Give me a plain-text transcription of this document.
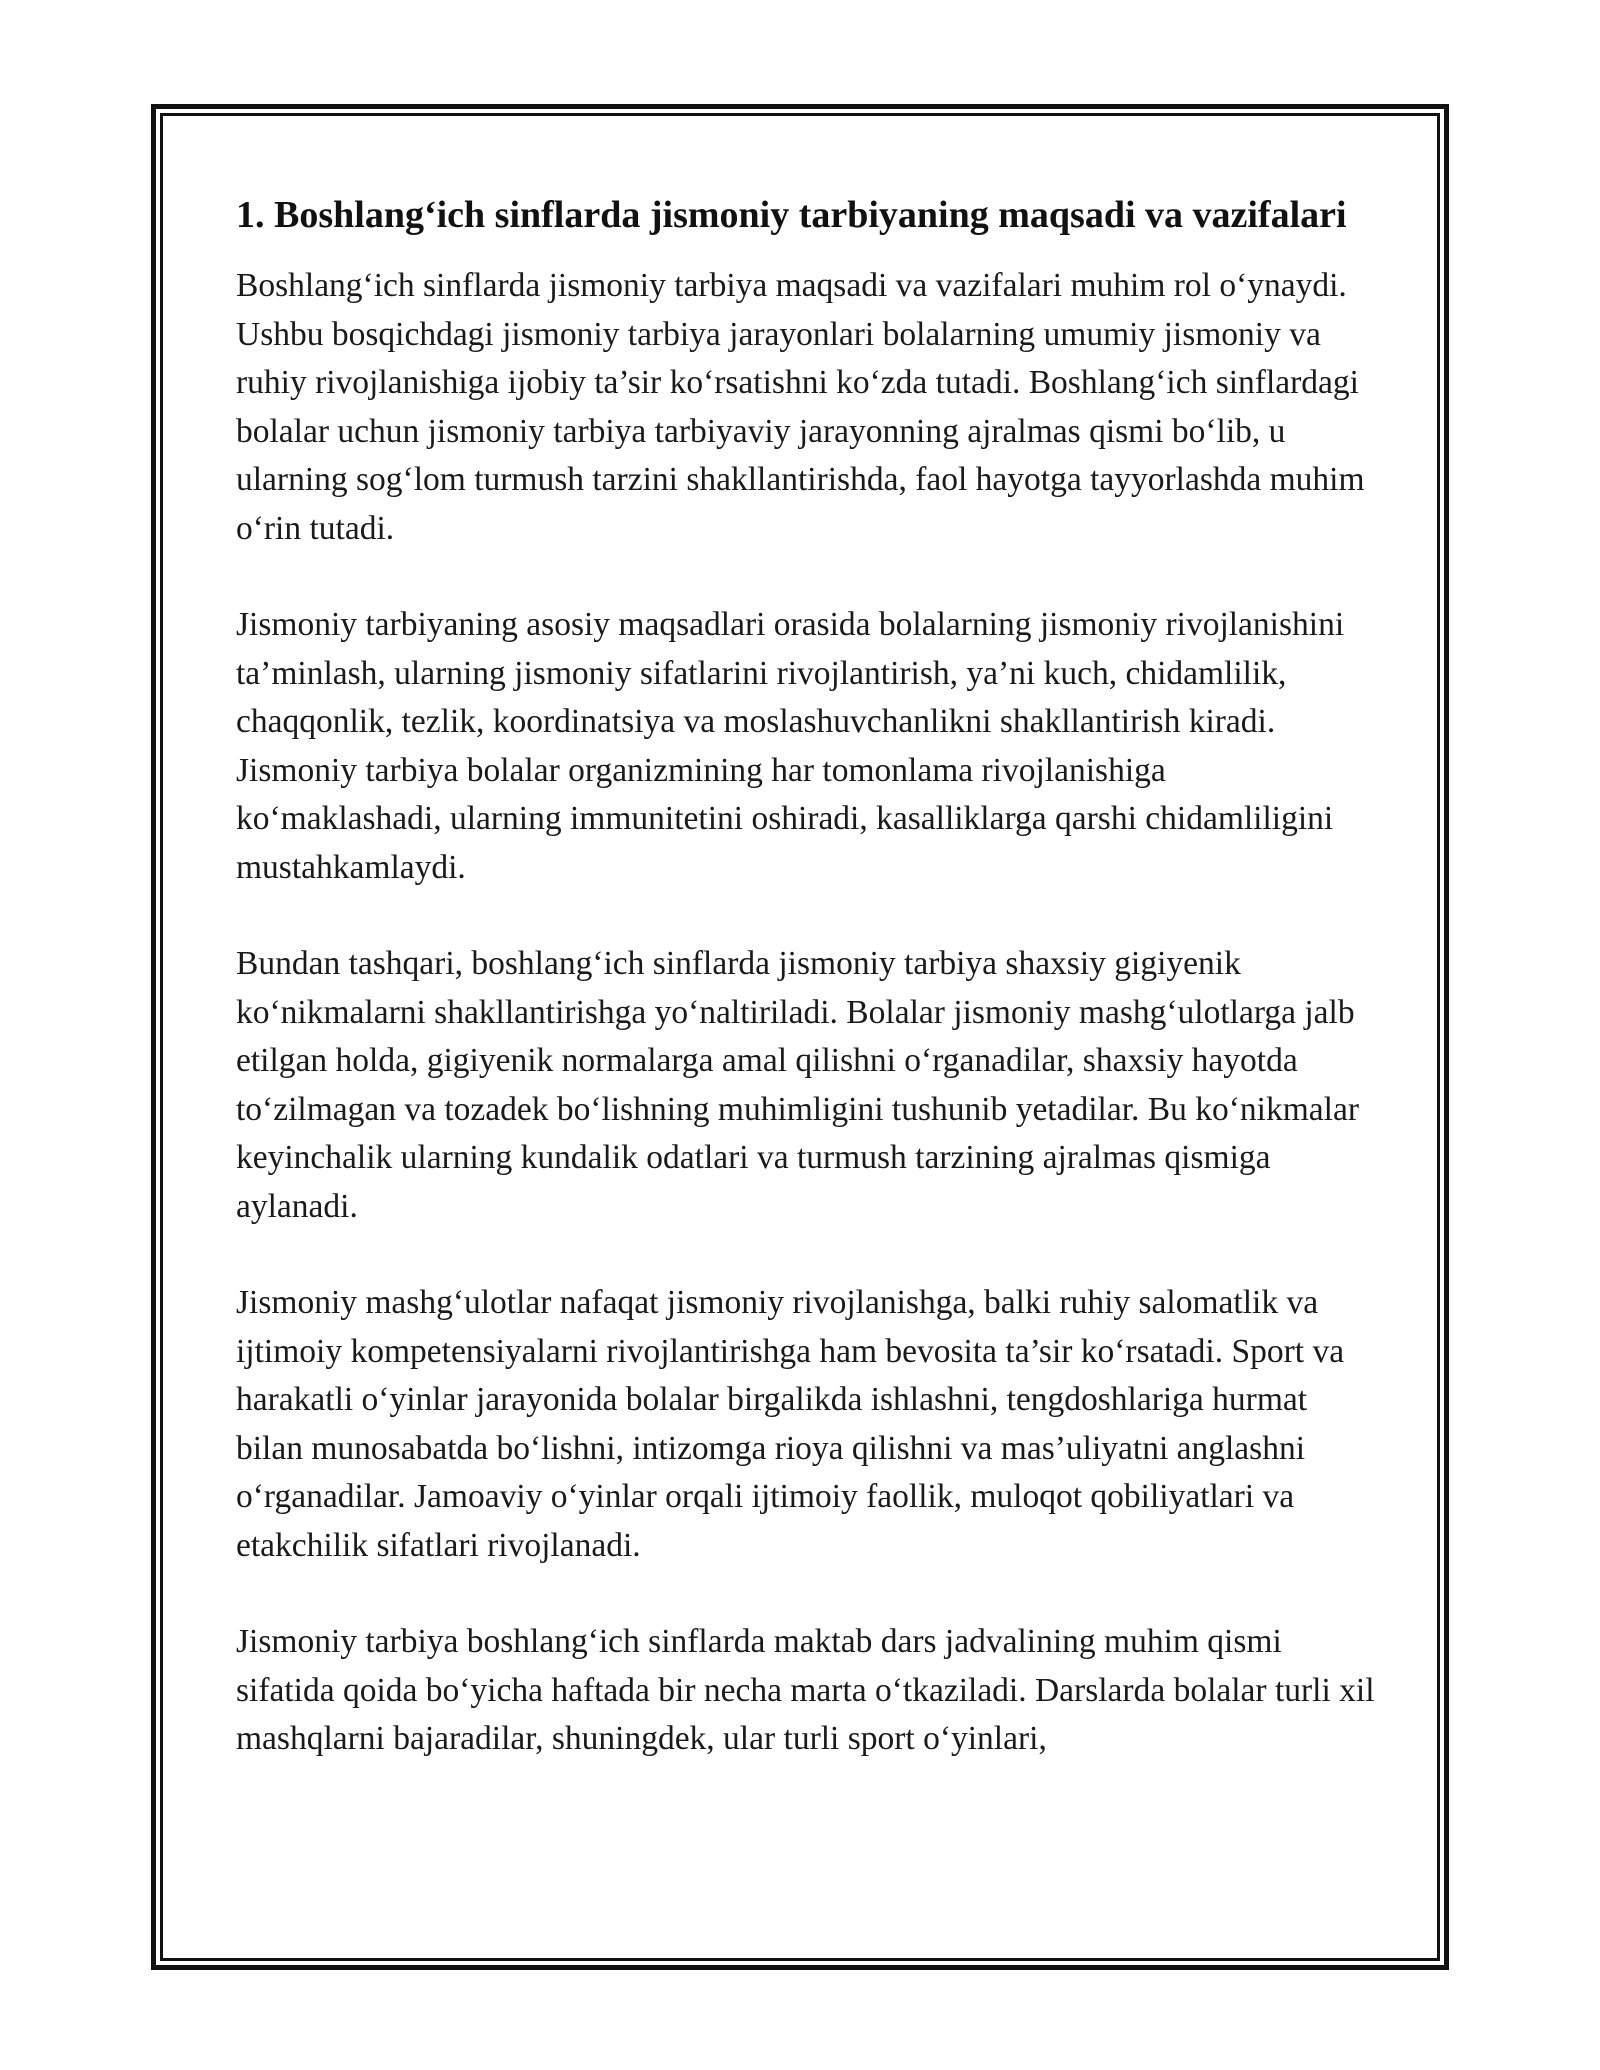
1. Boshlang‘ich sinflarda jismoniy tarbiyaning maqsadi va vazifalari

Boshlang‘ich sinflarda jismoniy tarbiya maqsadi va vazifalari muhim rol o‘ynaydi. Ushbu bosqichdagi jismoniy tarbiya jarayonlari bolalarning umumiy jismoniy va ruhiy rivojlanishiga ijobiy ta’sir ko‘rsatishni ko‘zda tutadi. Boshlang‘ich sinflardagi bolalar uchun jismoniy tarbiya tarbiyaviy jarayonning ajralmas qismi bo‘lib, u ularning sog‘lom turmush tarzini shakllantirishda, faol hayotga tayyorlashda muhim o‘rin tutadi.

Jismoniy tarbiyaning asosiy maqsadlari orasida bolalarning jismoniy rivojlanishini ta’minlash, ularning jismoniy sifatlarini rivojlantirish, ya’ni kuch, chidamlilik, chaqqonlik, tezlik, koordinatsiya va moslashuvchanlikni shakllantirish kiradi. Jismoniy tarbiya bolalar organizmining har tomonlama rivojlanishiga ko‘maklashadi, ularning immunitetini oshiradi, kasalliklarga qarshi chidamliligini mustahkamlaydi.

Bundan tashqari, boshlang‘ich sinflarda jismoniy tarbiya shaxsiy gigiyenik ko‘nikmalarni shakllantirishga yo‘naltiriladi. Bolalar jismoniy mashg‘ulotlarga jalb etilgan holda, gigiyenik normalarga amal qilishni o‘rganadilar, shaxsiy hayotda to‘zilmagan va tozadek bo‘lishning muhimligini tushunib yetadilar. Bu ko‘nikmalar keyinchalik ularning kundalik odatlari va turmush tarzining ajralmas qismiga aylanadi.

Jismoniy mashg‘ulotlar nafaqat jismoniy rivojlanishga, balki ruhiy salomatlik va ijtimoiy kompetensiyalarni rivojlantirishga ham bevosita ta’sir ko‘rsatadi. Sport va harakatli o‘yinlar jarayonida bolalar birgalikda ishlashni, tengdoshlariga hurmat bilan munosabatda bo‘lishni, intizomga rioya qilishni va mas’uliyatni anglashni o‘rganadilar. Jamoaviy o‘yinlar orqali ijtimoiy faollik, muloqot qobiliyatlari va etakchilik sifatlari rivojlanadi.

Jismoniy tarbiya boshlang‘ich sinflarda maktab dars jadvalining muhim qismi sifatida qoida bo‘yicha haftada bir necha marta o‘tkaziladi. Darslarda bolalar turli xil mashqlarni bajaradilar, shuningdek, ular turli sport o‘yinlari,
